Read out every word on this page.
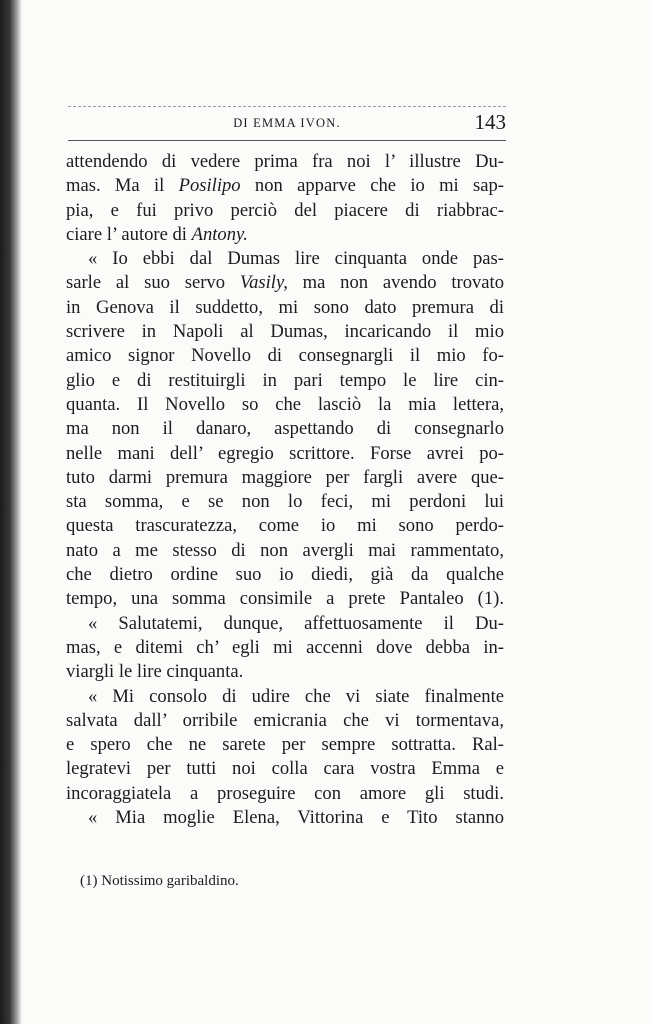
DI EMMA IVON.	143
attendendo di vedere prima fra noi l’ illustre Du-
mas. Ma il Posilipo non apparve che io mi sap-
pia, e fui privo perciò del piacere di riabbrac-
ciare l’ autore di Antony.
« Io ebbi dal Dumas lire cinquanta onde pas-
sarle al suo servo Vasily, ma non avendo trovato
in Genova il suddetto, mi sono dato premura di
scrivere in Napoli al Dumas, incaricando il mio
amico signor Novello di consegnargli il mio fo-
glio e di restituirgli in pari tempo le lire cin-
quanta. Il Novello so che lasciò la mia lettera,
ma non il danaro, aspettando di consegnarlo
nelle mani dell’ egregio scrittore. Forse avrei po-
tuto darmi premura maggiore per fargli avere que-
sta somma, e se non lo feci, mi perdoni lui
questa trascuratezza, come io mi sono perdo-
nato a me stesso di non avergli mai rammentato,
che dietro ordine suo io diedi, già da qualche
tempo, una somma consimile a prete Pantaleo (1).
« Salutatemi, dunque, affettuosamente il Du-
mas, e ditemi ch’ egli mi accenni dove debba in-
viargli le lire cinquanta.
« Mi consolo di udire che vi siate finalmente
salvata dall’ orribile emicrania che vi tormentava,
e spero che ne sarete per sempre sottratta. Ral-
legratevi per tutti noi colla cara vostra Emma e
incoraggiatela a proseguire con amore gli studi.
« Mia moglie Elena, Vittorina e Tito stanno
(1) Notissimo garibaldino.
